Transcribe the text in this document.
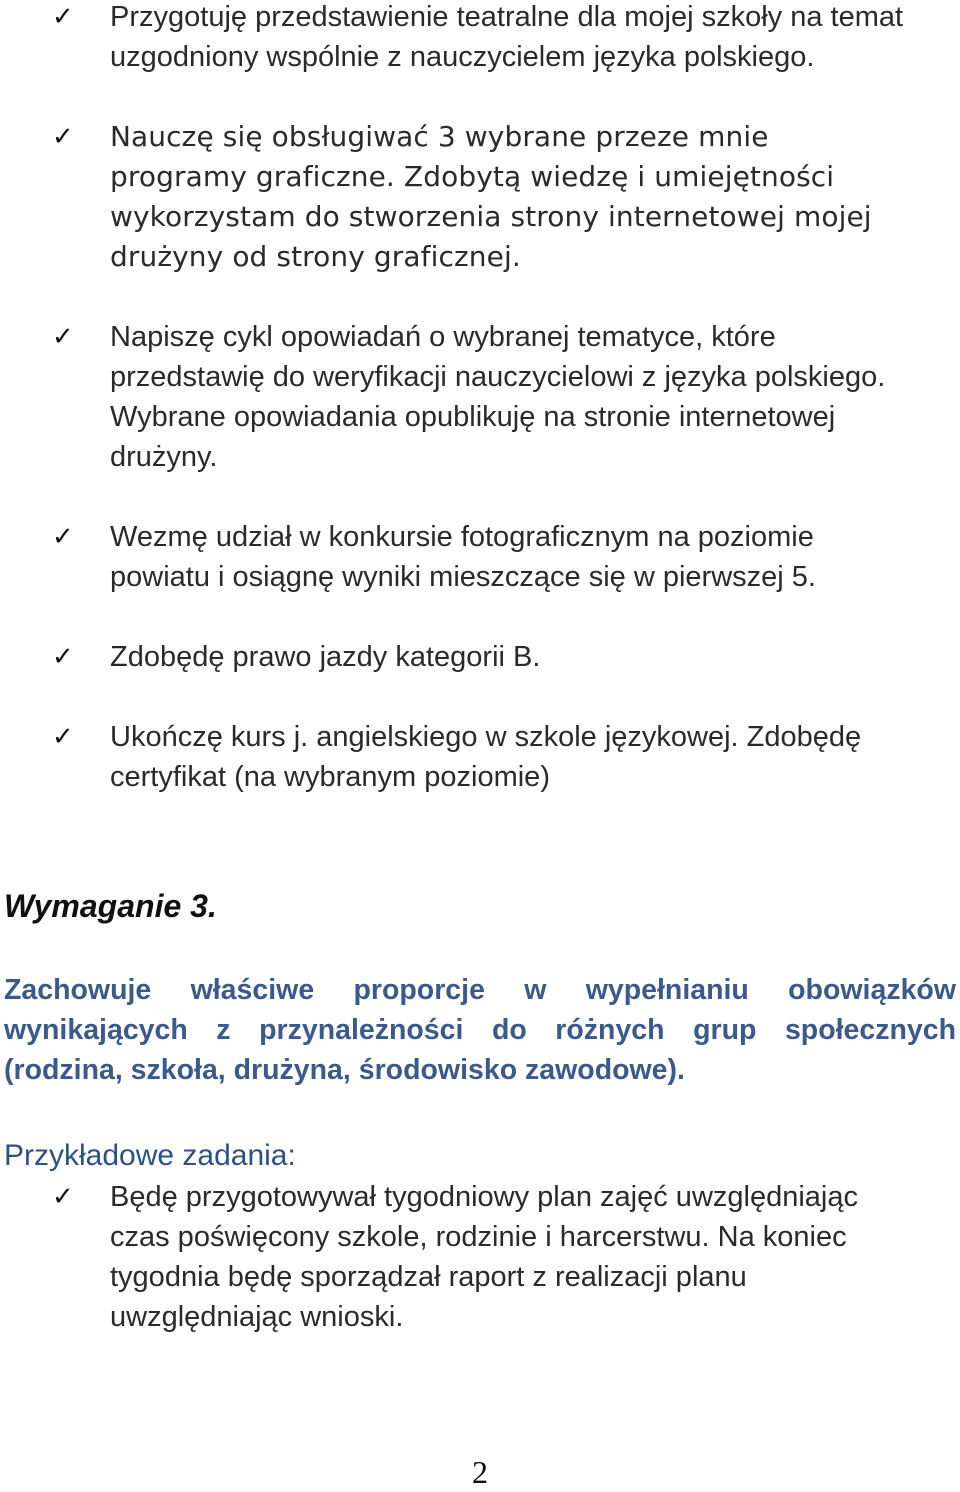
✓ Przygotuję przedstawienie teatralne dla mojej szkoły na temat uzgodniony wspólnie z nauczycielem języka polskiego.
✓ Nauczę się obsługiwać 3 wybrane przeze mnie programy graficzne. Zdobytą wiedzę i umiejętności wykorzystam do stworzenia strony internetowej mojej drużyny od strony graficznej.
✓ Napiszę cykl opowiadań o wybranej tematyce, które przedstawię do weryfikacji nauczycielowi z języka polskiego. Wybrane opowiadania opublikuję na stronie internetowej drużyny.
✓ Wezmę udział w konkursie fotograficznym na poziomie powiatu i osiągnę wyniki mieszczące się w pierwszej 5.
✓ Zdobędę prawo jazdy kategorii B.
✓ Ukończę kurs j. angielskiego w szkole językowej. Zdobędę certyfikat (na wybranym poziomie)
Wymaganie 3.

Zachowuje właściwe proporcje w wypełnianiu obowiązków wynikających z przynależności do różnych grup społecznych (rodzina, szkoła, drużyna, środowisko zawodowe).

Przykładowe zadania:
✓ Będę przygotowywał tygodniowy plan zajęć uwzględniając czas poświęcony szkole, rodzinie i harcerstwu. Na koniec tygodnia będę sporządzał raport z realizacji planu uwzględniając wnioski.
2
